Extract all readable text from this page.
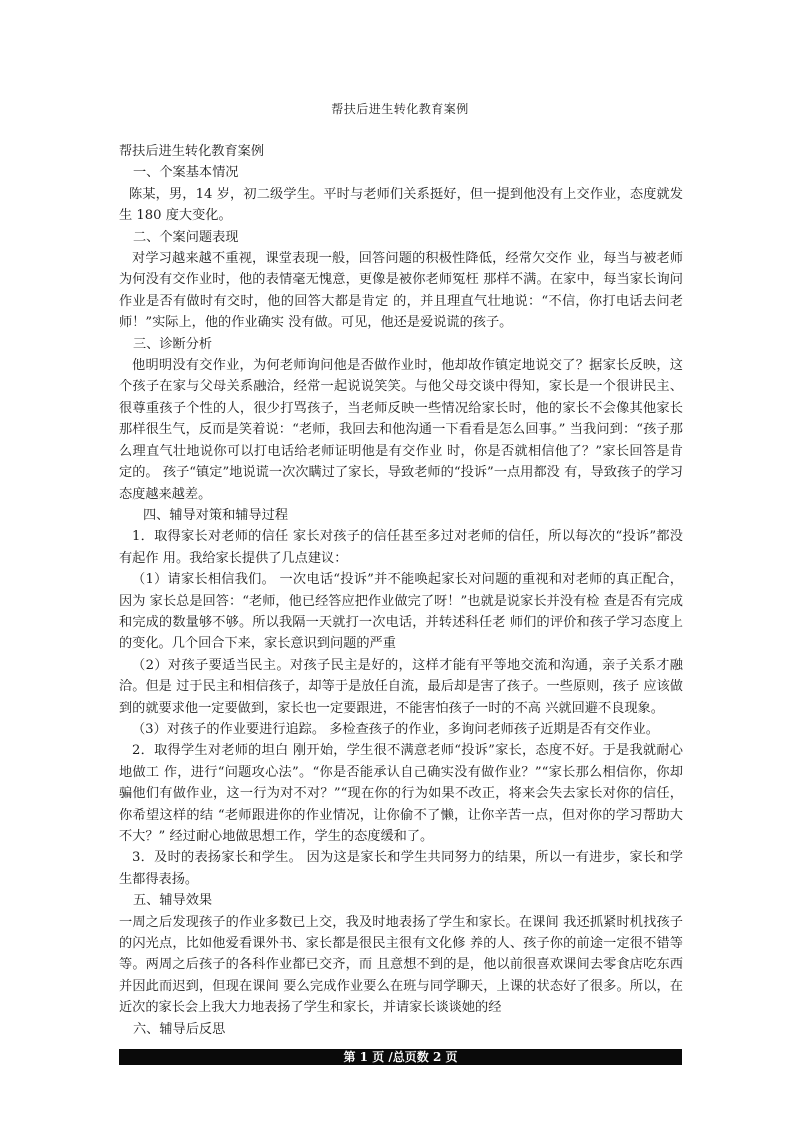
帮扶后进生转化教育案例

帮扶后进生转化教育案例

一、个案基本情况

陈某，男，14 岁，初二级学生。平时与老师们关系挺好，但一提到他没有上交作业，态度就发生 180 度大变化。

二、个案问题表现

对学习越来越不重视，课堂表现一般，回答问题的积极性降低，经常欠交作 业，每当与被老师为何没有交作业时，他的表情毫无愧意，更像是被你老师冤枉 那样不满。在家中，每当家长询问作业是否有做时有交时，他的回答大都是肯定 的，并且理直气壮地说：“不信，你打电话去问老师！”实际上，他的作业确实 没有做。可见，他还是爱说谎的孩子。

三、诊断分析

他明明没有交作业，为何老师询问他是否做作业时，他却故作镇定地说交了？据家长反映，这个孩子在家与父母关系融洽，经常一起说说笑笑。与他父母交谈中得知，家长是一个很讲民主、很尊重孩子个性的人，很少打骂孩子，当老师反映一些情况给家长时，他的家长不会像其他家长那样很生气，反而是笑着说：“老师，我回去和他沟通一下看看是怎么回事。” 当我问到：“孩子那么理直气壮地说你可以打电话给老师证明他是有交作业 时，你是否就相信他了？”家长回答是肯定的。 孩子“镇定”地说谎一次次瞒过了家长，导致老师的“投诉”一点用都没 有，导致孩子的学习态度越来越差。

四、辅导对策和辅导过程

1．取得家长对老师的信任 家长对孩子的信任甚至多过对老师的信任，所以每次的“投诉”都没有起作 用。我给家长提供了几点建议：

（1）请家长相信我们。 一次电话“投诉”并不能唤起家长对问题的重视和对老师的真正配合，因为 家长总是回答：“老师，他已经答应把作业做完了呀！”也就是说家长并没有检 查是否有完成和完成的数量够不够。所以我隔一天就打一次电话，并转述科任老 师们的评价和孩子学习态度上的变化。几个回合下来，家长意识到问题的严重

（2）对孩子要适当民主。对孩子民主是好的，这样才能有平等地交流和沟通，亲子关系才融洽。但是 过于民主和相信孩子，却等于是放任自流，最后却是害了孩子。一些原则，孩子 应该做到的就要求他一定要做到，家长也一定要跟进，不能害怕孩子一时的不高 兴就回避不良现象。

（3）对孩子的作业要进行追踪。 多检查孩子的作业，多询问老师孩子近期是否有交作业。

2．取得学生对老师的坦白 刚开始，学生很不满意老师“投诉”家长，态度不好。于是我就耐心地做工 作，进行“问题攻心法”。“你是否能承认自己确实没有做作业？”“家长那么相信你，你却骗他们有做作业，这一行为对不对？”“现在你的行为如果不改正，将来会失去家长对你的信任，你希望这样的结 “老师跟进你的作业情况，让你偷不了懒，让你辛苦一点，但对你的学习帮助大不大？” 经过耐心地做思想工作，学生的态度缓和了。

3．及时的表扬家长和学生。 因为这是家长和学生共同努力的结果，所以一有进步，家长和学生都得表扬。

五、辅导效果

一周之后发现孩子的作业多数已上交，我及时地表扬了学生和家长。在课间 我还抓紧时机找孩子的闪光点，比如他爱看课外书、家长都是很民主很有文化修 养的人、孩子你的前途一定很不错等等。两周之后孩子的各科作业都已交齐，而 且意想不到的是，他以前很喜欢课间去零食店吃东西并因此而迟到，但现在课间 要么完成作业要么在班与同学聊天，上课的状态好了很多。所以，在近次的家长会上我大力地表扬了学生和家长，并请家长谈谈她的经

六、辅导后反思

第 1 页 /总页数 2 页
